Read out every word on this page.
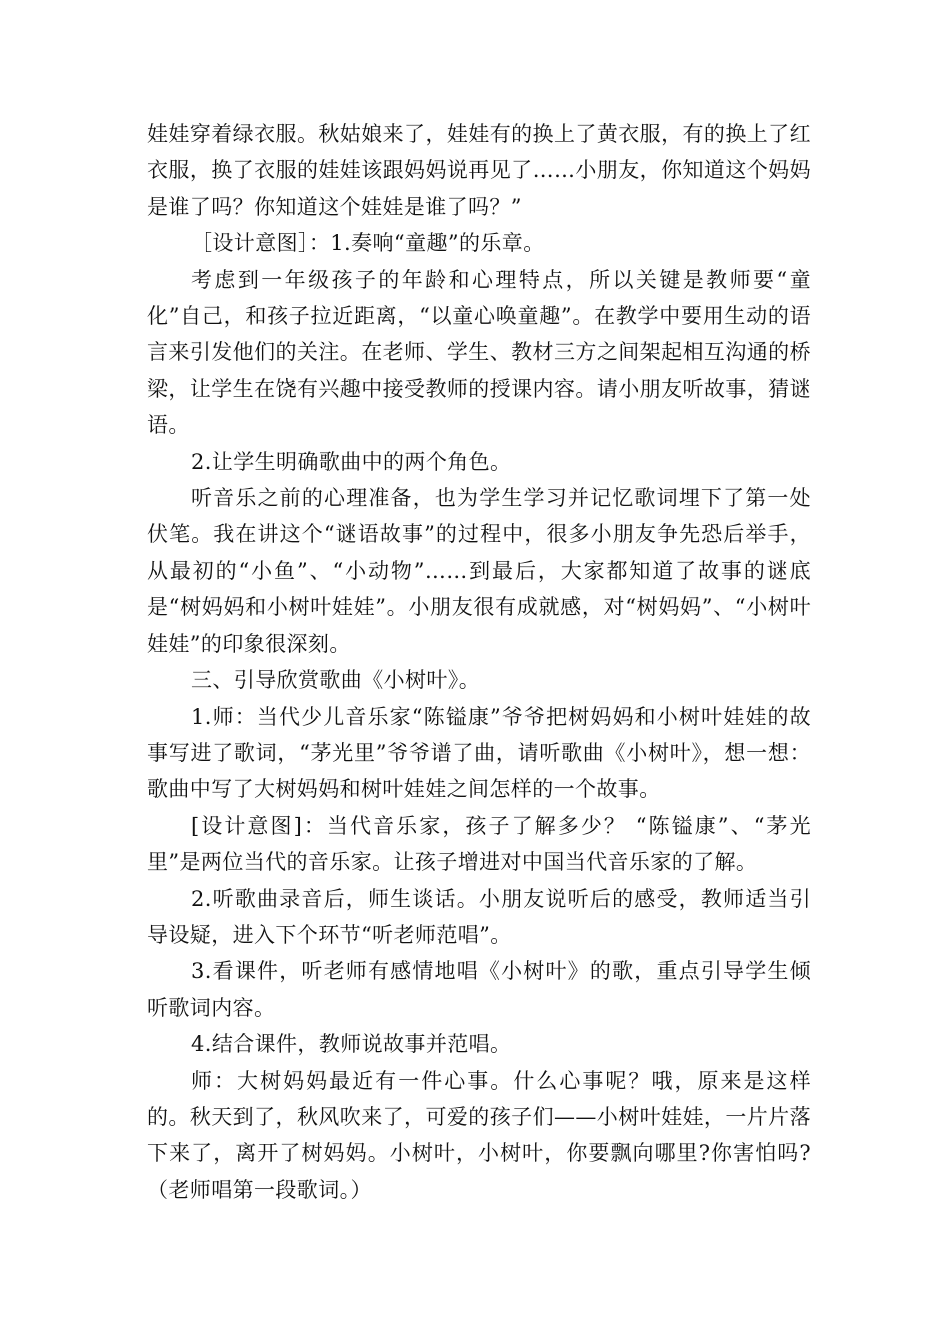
娃娃穿着绿衣服。秋姑娘来了，娃娃有的换上了黄衣服，有的换上了红衣服，换了衣服的娃娃该跟妈妈说再见了……小朋友，你知道这个妈妈是谁了吗？你知道这个娃娃是谁了吗？”

［设计意图］：1.奏响“童趣”的乐章。

考虑到一年级孩子的年龄和心理特点，所以关键是教师要“童化”自己，和孩子拉近距离，“以童心唤童趣”。在教学中要用生动的语言来引发他们的关注。在老师、学生、教材三方之间架起相互沟通的桥梁，让学生在饶有兴趣中接受教师的授课内容。请小朋友听故事，猜谜语。

2.让学生明确歌曲中的两个角色。

听音乐之前的心理准备，也为学生学习并记忆歌词埋下了第一处伏笔。我在讲这个“谜语故事”的过程中，很多小朋友争先恐后举手，从最初的“小鱼”、“小动物”……到最后，大家都知道了故事的谜底是“树妈妈和小树叶娃娃”。小朋友很有成就感，对“树妈妈”、“小树叶娃娃”的印象很深刻。

三、引导欣赏歌曲《小树叶》。

1.师：当代少儿音乐家“陈镒康”爷爷把树妈妈和小树叶娃娃的故事写进了歌词，“茅光里”爷爷谱了曲，请听歌曲《小树叶》，想一想：歌曲中写了大树妈妈和树叶娃娃之间怎样的一个故事。

[设计意图]：当代音乐家，孩子了解多少？ “陈镒康”、“茅光里”是两位当代的音乐家。让孩子增进对中国当代音乐家的了解。

2.听歌曲录音后，师生谈话。小朋友说听后的感受，教师适当引导设疑，进入下个环节“听老师范唱”。

3.看课件，听老师有感情地唱《小树叶》的歌，重点引导学生倾听歌词内容。

4.结合课件，教师说故事并范唱。

师：大树妈妈最近有一件心事。什么心事呢？哦，原来是这样的。秋天到了，秋风吹来了，可爱的孩子们——小树叶娃娃，一片片落下来了，离开了树妈妈。小树叶，小树叶，你要飘向哪里?你害怕吗?（老师唱第一段歌词。）
